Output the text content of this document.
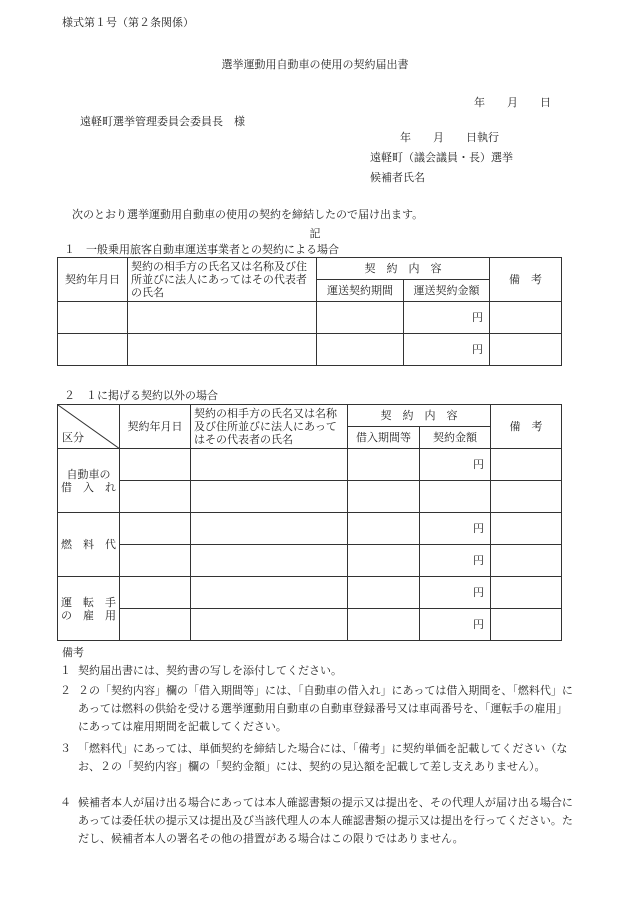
様式第１号（第２条関係）
選挙運動用自動車の使用の契約届出書
年　　月　　日
遠軽町選挙管理委員会委員長　様
年　　月　　日執行
遠軽町（議会議員・長）選挙
候補者氏名
次のとおり選挙運動用自動車の使用の契約を締結したので届け出ます。
記
１　一般乗用旅客自動車運送事業者との契約による場合
契約年月日	契約の相手方の氏名又は名称及び住所並びに法人にあってはその代表者の氏名	契　約　内　容		備　考
		運送契約期間	運送契約金額	
			円	
			円	
２　１に掲げる契約以外の場合
区分	契約年月日	契約の相手方の氏名又は名称及び住所並びに法人にあってはその代表者の氏名	契　約　内　容		備　考
			借入期間等	契約金額	
自動車の
借　入　れ				円	

燃　料　代				円	
				円	
運　転　手
の　雇　用				円	
				円	
備考
１ 契約届出書には、契約書の写しを添付してください。
２ ２の「契約内容」欄の「借入期間等」には、「自動車の借入れ」にあっては借入期間を、「燃料代」にあっては燃料の供給を受ける選挙運動用自動車の自動車登録番号又は車両番号を、「運転手の雇用」にあっては雇用期間を記載してください。
３ 「燃料代」にあっては、単価契約を締結した場合には、「備考」に契約単価を記載してください（なお、２の「契約内容」欄の「契約金額」には、契約の見込額を記載して差し支えありません）。
４ 候補者本人が届け出る場合にあっては本人確認書類の提示又は提出を、その代理人が届け出る場合にあっては委任状の提示又は提出及び当該代理人の本人確認書類の提示又は提出を行ってください。ただし、候補者本人の署名その他の措置がある場合はこの限りではありません。
